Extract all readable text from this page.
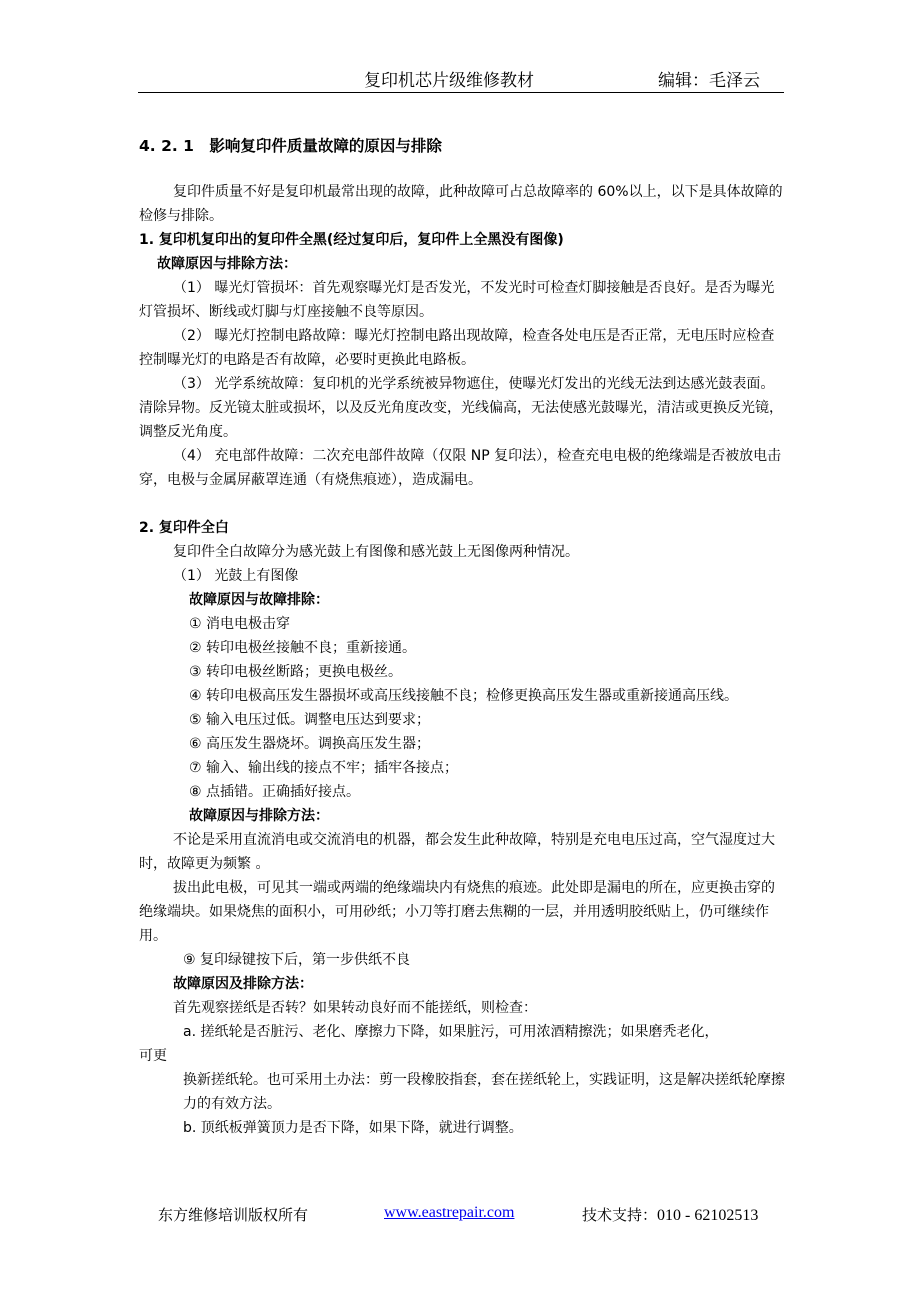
复印机芯片级维修教材	编辑：毛泽云
4. 2. 1　影响复印件质量故障的原因与排除

复印件质量不好是复印机最常出现的故障，此种故障可占总故障率的 60%以上，以下是具体故障的检修与排除。

1. 复印机复印出的复印件全黑(经过复印后，复印件上全黑没有图像)
故障原因与排除方法：

（1） 曝光灯管损坏：首先观察曝光灯是否发光，不发光时可检查灯脚接触是否良好。是否为曝光灯管损坏、断线或灯脚与灯座接触不良等原因。

（2） 曝光灯控制电路故障：曝光灯控制电路出现故障，检查各处电压是否正常，无电压时应检查控制曝光灯的电路是否有故障，必要时更换此电路板。

（3） 光学系统故障：复印机的光学系统被异物遮住，使曝光灯发出的光线无法到达感光鼓表面。清除异物。反光镜太脏或损坏，以及反光角度改变，光线偏高，无法使感光鼓曝光，清洁或更换反光镜，调整反光角度。

（4） 充电部件故障：二次充电部件故障（仅限 NP 复印法），检查充电电极的绝缘端是否被放电击穿，电极与金属屏蔽罩连通（有烧焦痕迹），造成漏电。

2. 复印件全白

复印件全白故障分为感光鼓上有图像和感光鼓上无图像两种情况。

（1） 光鼓上有图像
故障原因与故障排除：
① 消电电极击穿
② 转印电极丝接触不良；重新接通。
③ 转印电极丝断路；更换电极丝。

④ 转印电极高压发生器损坏或高压线接触不良；检修更换高压发生器或重新接通高压线。

⑤ 输入电压过低。调整电压达到要求；
⑥ 高压发生器烧坏。调换高压发生器；
⑦ 输入、输出线的接点不牢；插牢各接点；
⑧ 点插错。正确插好接点。
故障原因与排除方法：

不论是采用直流消电或交流消电的机器，都会发生此种故障，特别是充电电压过高，空气湿度过大时，故障更为频繁 。

拔出此电极，可见其一端或两端的绝缘端块内有烧焦的痕迹。此处即是漏电的所在，应更换击穿的绝缘端块。如果烧焦的面积小，可用砂纸；小刀等打磨去焦糊的一层，并用透明胶纸贴上，仍可继续作用。

⑨ 复印绿键按下后，第一步供纸不良
故障原因及排除方法：
首先观察搓纸是否转？如果转动良好而不能搓纸，则检查：
a. 搓纸轮是否脏污、老化、摩擦力下降，如果脏污，可用浓酒精擦洗；如果磨秃老化，
可更

换新搓纸轮。也可采用土办法：剪一段橡胶指套，套在搓纸轮上，实践证明，这是解决搓纸轮摩擦力的有效方法。

b. 顶纸板弹簧顶力是否下降，如果下降，就进行调整。
东方维修培训版权所有	www.eastrepair.com	技术支持：010 - 62102513
